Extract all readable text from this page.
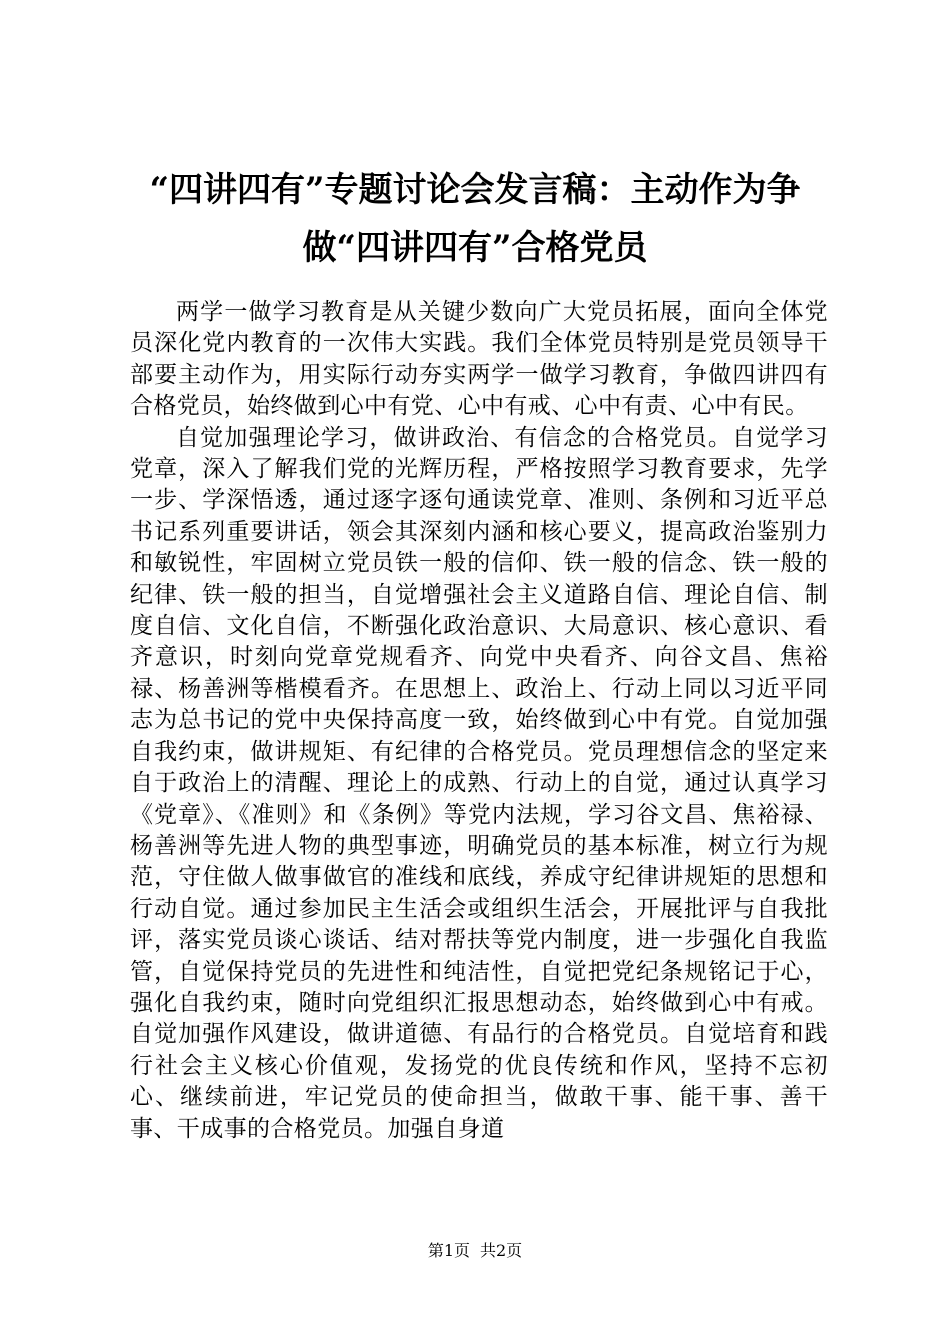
“四讲四有”专题讨论会发言稿：主动作为争
做“四讲四有”合格党员

两学一做学习教育是从关键少数向广大党员拓展，面向全体党员深化党内教育的一次伟大实践。我们全体党员特别是党员领导干部要主动作为，用实际行动夯实两学一做学习教育，争做四讲四有合格党员，始终做到心中有党、心中有戒、心中有责、心中有民。

自觉加强理论学习，做讲政治、有信念的合格党员。自觉学习党章，深入了解我们党的光辉历程，严格按照学习教育要求，先学一步、学深悟透，通过逐字逐句通读党章、准则、条例和习近平总书记系列重要讲话，领会其深刻内涵和核心要义，提高政治鉴别力和敏锐性，牢固树立党员铁一般的信仰、铁一般的信念、铁一般的纪律、铁一般的担当，自觉增强社会主义道路自信、理论自信、制度自信、文化自信，不断强化政治意识、大局意识、核心意识、看齐意识，时刻向党章党规看齐、向党中央看齐、向谷文昌、焦裕禄、杨善洲等楷模看齐。在思想上、政治上、行动上同以习近平同志为总书记的党中央保持高度一致，始终做到心中有党。自觉加强自我约束，做讲规矩、有纪律的合格党员。党员理想信念的坚定来自于政治上的清醒、理论上的成熟、行动上的自觉，通过认真学习《党章》、《准则》和《条例》等党内法规，学习谷文昌、焦裕禄、杨善洲等先进人物的典型事迹，明确党员的基本标准，树立行为规范，守住做人做事做官的准线和底线，养成守纪律讲规矩的思想和行动自觉。通过参加民主生活会或组织生活会，开展批评与自我批评，落实党员谈心谈话、结对帮扶等党内制度，进一步强化自我监管，自觉保持党员的先进性和纯洁性，自觉把党纪条规铭记于心，强化自我约束，随时向党组织汇报思想动态，始终做到心中有戒。自觉加强作风建设，做讲道德、有品行的合格党员。自觉培育和践行社会主义核心价值观，发扬党的优良传统和作风，坚持不忘初心、继续前进，牢记党员的使命担当，做敢干事、能干事、善干事、干成事的合格党员。加强自身道

第1页 共2页
